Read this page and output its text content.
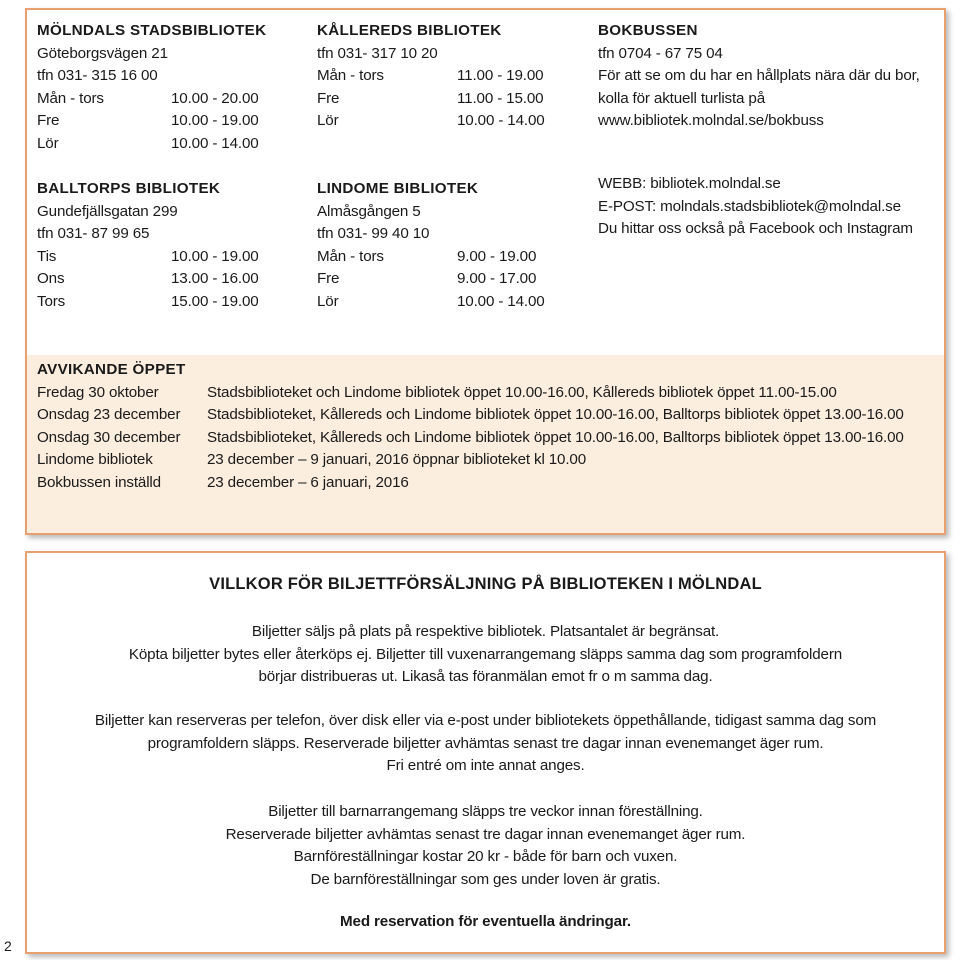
MÖLNDALS STADSBIBLIOTEK
Göteborgsvägen 21
tfn 031- 315 16 00
Mån - tors	10.00 - 20.00
Fre	10.00 - 19.00
Lör	10.00 - 14.00
BALLTORPS BIBLIOTEK
Gundefjällsgatan 299
tfn 031- 87 99 65
Tis	10.00 - 19.00
Ons	13.00 - 16.00
Tors	15.00 - 19.00
KÅLLEREDS BIBLIOTEK
tfn 031- 317 10 20
Mån - tors	11.00 - 19.00
Fre	11.00 - 15.00
Lör	10.00 - 14.00
LINDOME BIBLIOTEK
Almåsgången 5
tfn 031- 99 40 10
Mån - tors	9.00 - 19.00
Fre	9.00 - 17.00
Lör	10.00 - 14.00
BOKBUSSEN
tfn 0704 - 67 75 04
För att se om du har en hållplats nära där du bor,
kolla för aktuell turlista på
www.bibliotek.molndal.se/bokbuss
WEBB: bibliotek.molndal.se
E-POST: molndals.stadsbibliotek@molndal.se
Du hittar oss också på Facebook och Instagram
AVVIKANDE ÖPPET
Fredag 30 oktober	Stadsbiblioteket och Lindome bibliotek öppet 10.00-16.00, Kållereds bibliotek öppet 11.00-15.00
Onsdag 23 december	Stadsbiblioteket, Kållereds och Lindome bibliotek öppet 10.00-16.00, Balltorps bibliotek öppet 13.00-16.00
Onsdag 30 december	Stadsbiblioteket, Kållereds och Lindome bibliotek öppet 10.00-16.00, Balltorps bibliotek öppet 13.00-16.00
Lindome bibliotek	23 december – 9 januari, 2016 öppnar biblioteket kl 10.00
Bokbussen inställd	23 december – 6 januari, 2016
VILLKOR FÖR BILJETTFÖRSÄLJNING PÅ BIBLIOTEKEN I MÖLNDAL
Biljetter säljs på plats på respektive bibliotek. Platsantalet är begränsat.
Köpta biljetter bytes eller återköps ej. Biljetter till vuxenarrangemang släpps samma dag som programfoldern
börjar distribueras ut. Likaså tas föranmälan emot fr o m samma dag.
Biljetter kan reserveras per telefon, över disk eller via e-post under bibliotekets öppethållande, tidigast samma dag som
programfoldern släpps. Reserverade biljetter avhämtas senast tre dagar innan evenemanget äger rum.
Fri entré om inte annat anges.
Biljetter till barnarrangemang släpps tre veckor innan föreställning.
Reserverade biljetter avhämtas senast tre dagar innan evenemanget äger rum.
Barnföreställningar kostar 20 kr - både för barn och vuxen.
De barnföreställningar som ges under loven är gratis.
Med reservation för eventuella ändringar.
2
